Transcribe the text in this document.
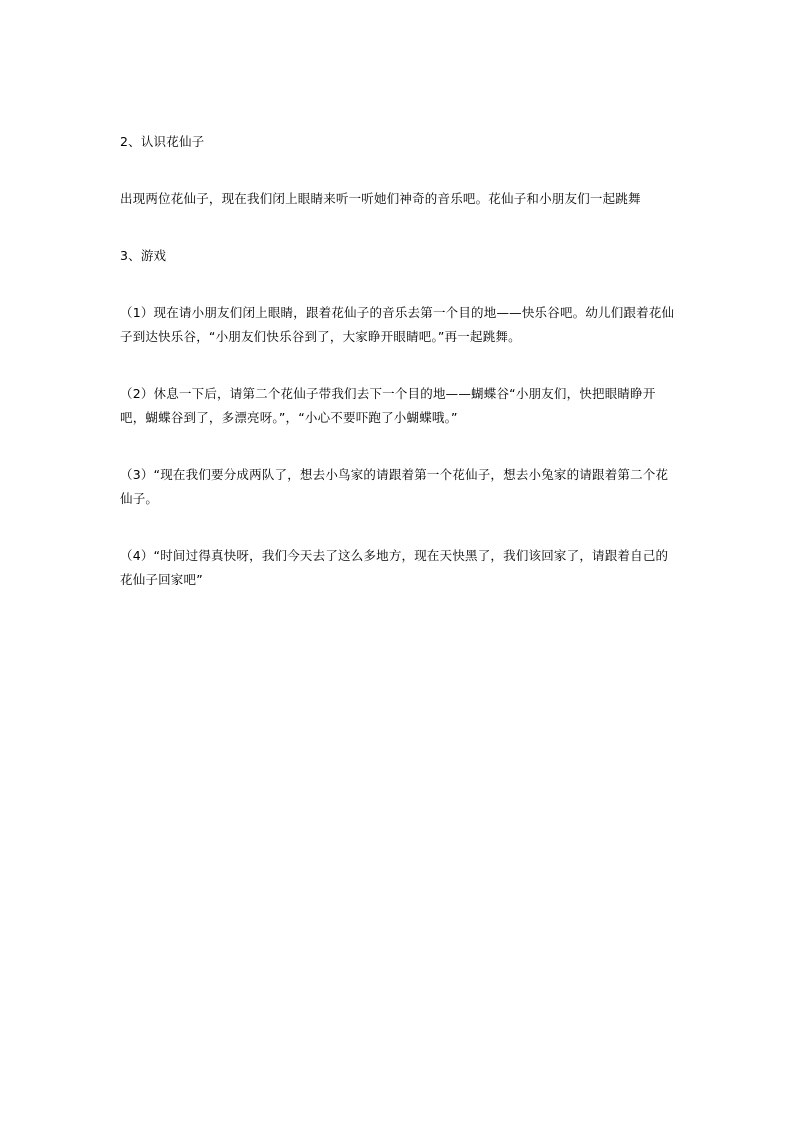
2、认识花仙子

出现两位花仙子，现在我们闭上眼睛来听一听她们神奇的音乐吧。花仙子和小朋友们一起跳舞

3、游戏

（1）现在请小朋友们闭上眼睛，跟着花仙子的音乐去第一个目的地——快乐谷吧。幼儿们跟着花仙子到达快乐谷，“小朋友们快乐谷到了，大家睁开眼睛吧。”再一起跳舞。

（2）休息一下后，请第二个花仙子带我们去下一个目的地——蝴蝶谷“小朋友们，快把眼睛睁开吧，蝴蝶谷到了，多漂亮呀。”，“小心不要吓跑了小蝴蝶哦。”

（3）“现在我们要分成两队了，想去小鸟家的请跟着第一个花仙子，想去小兔家的请跟着第二个花仙子。

（4）“时间过得真快呀，我们今天去了这么多地方，现在天快黑了，我们该回家了，请跟着自己的花仙子回家吧”
